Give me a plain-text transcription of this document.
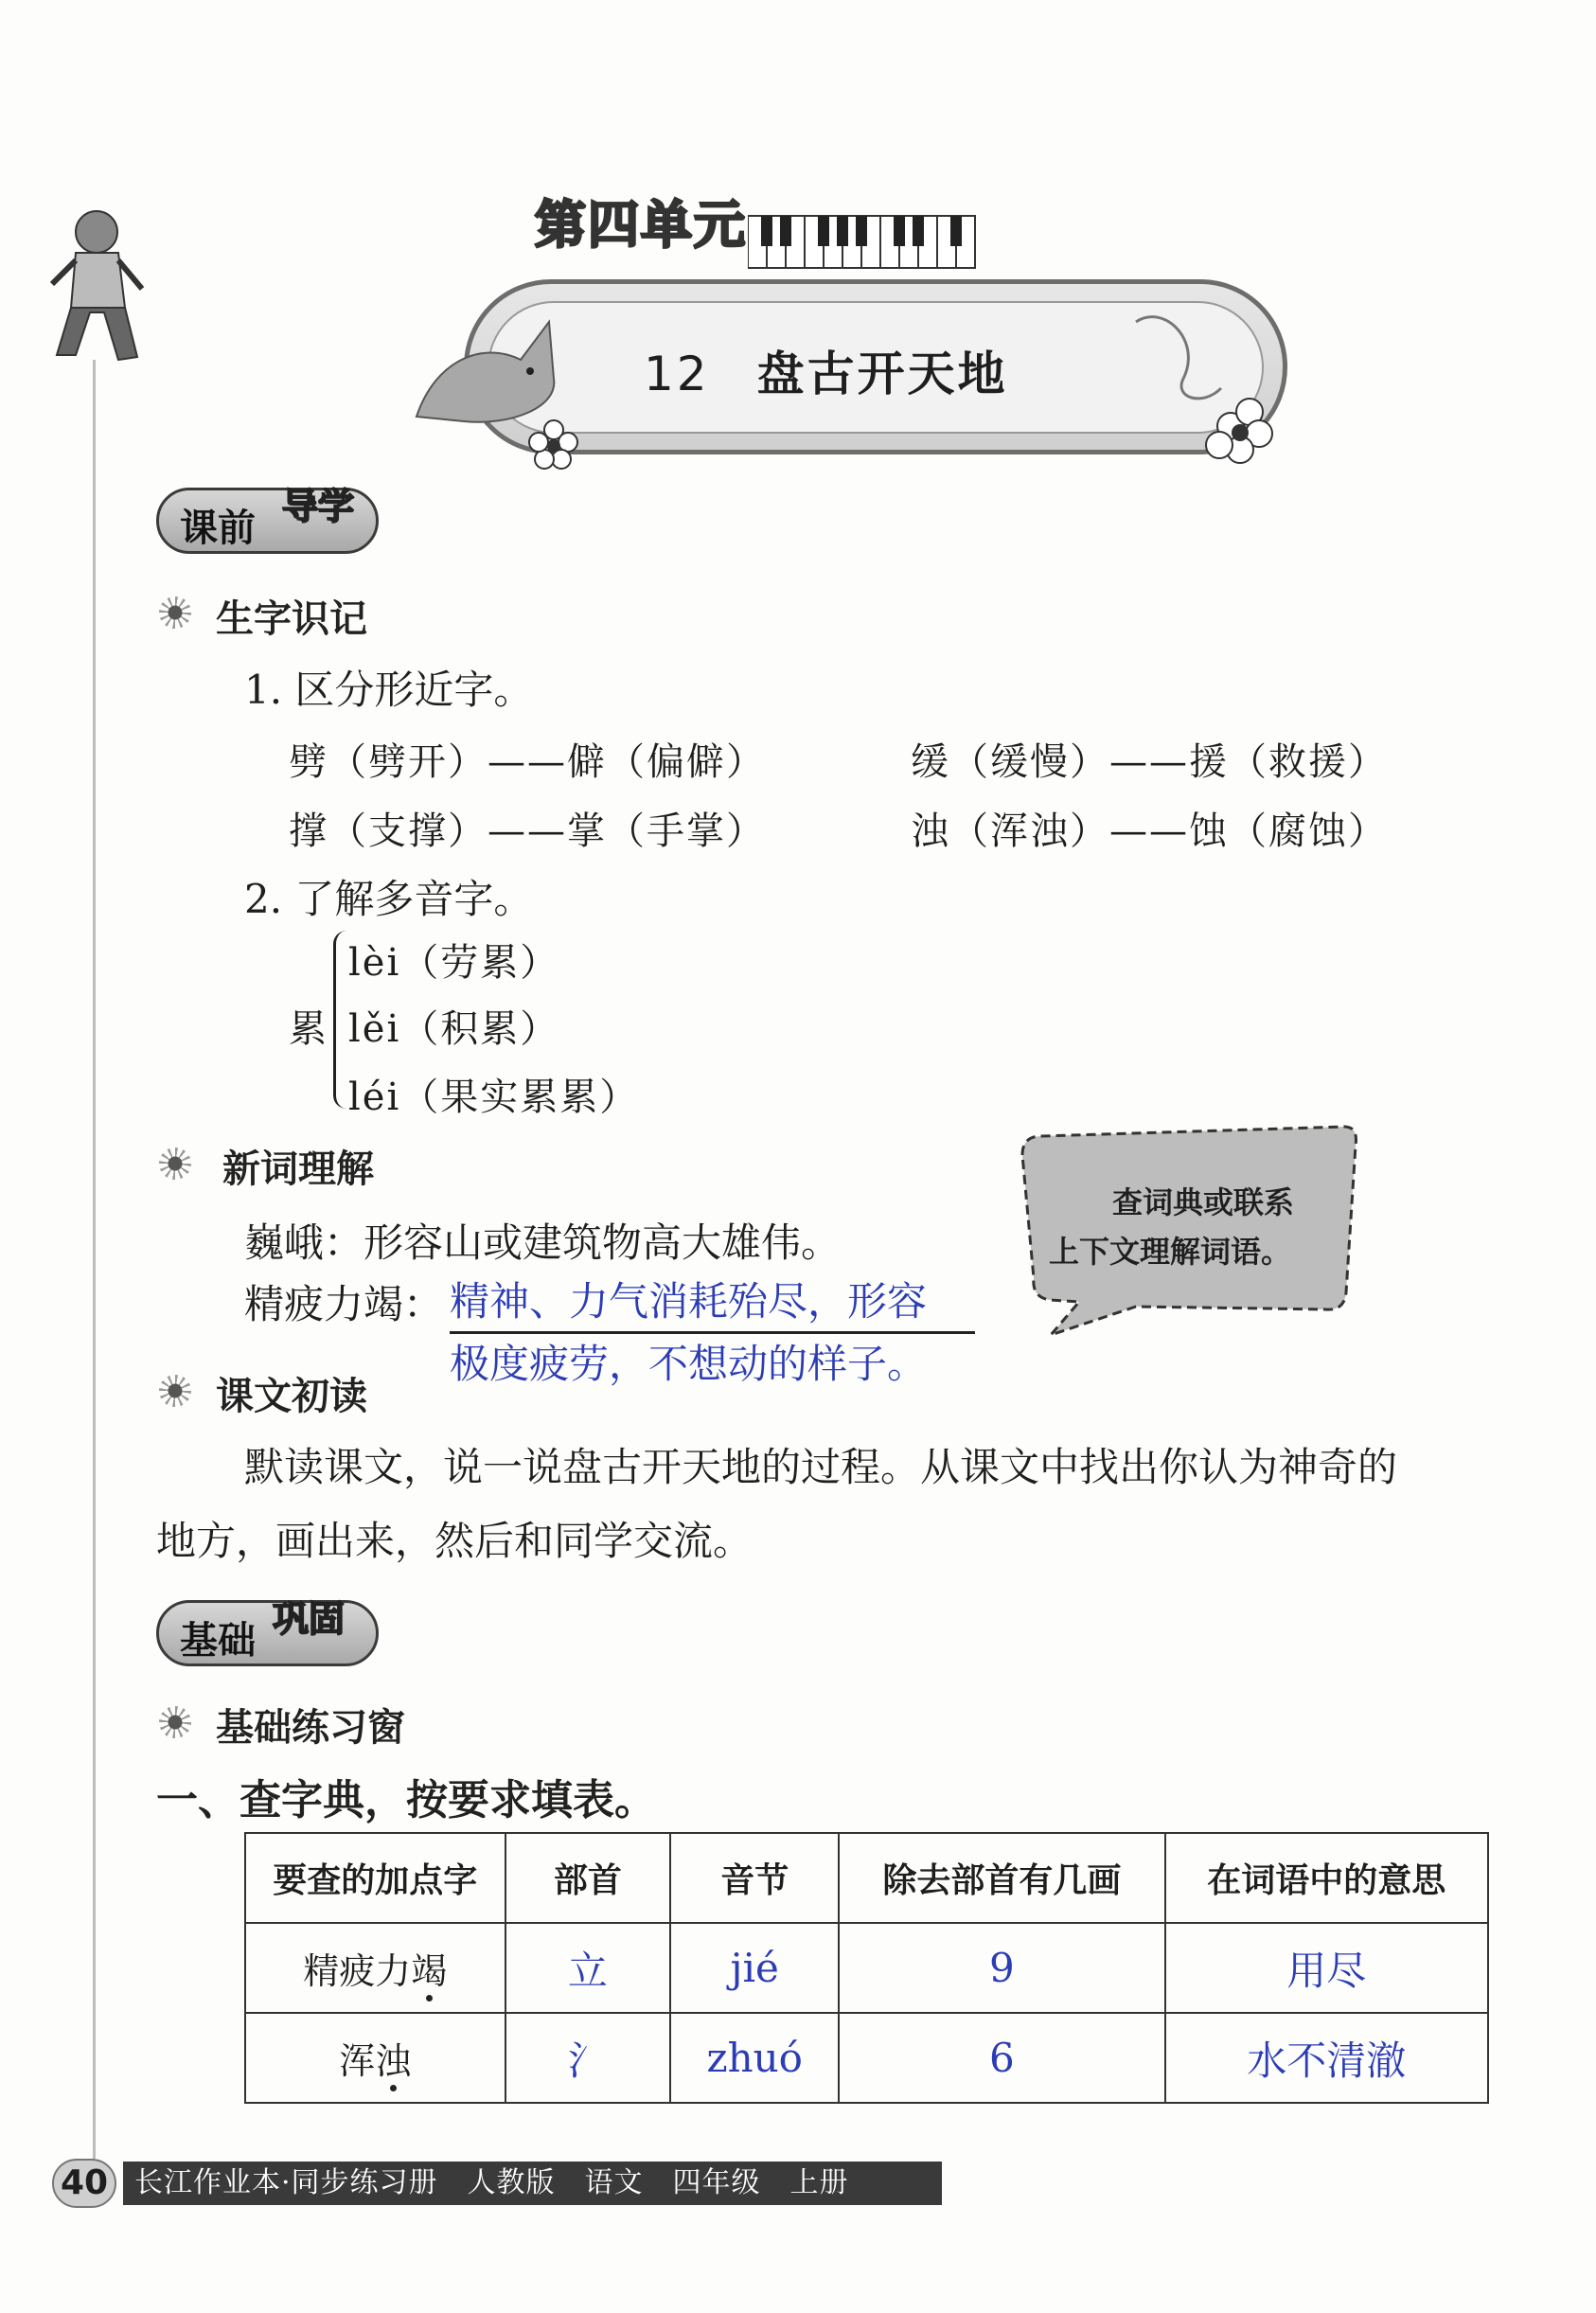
第四单元
12 盘古开天地
课前 导学
生字识记
1. 区分形近字。
劈（劈开）——僻（偏僻）	缓（缓慢）——援（救援）
撑（支撑）——掌（手掌）	浊（浑浊）——蚀（腐蚀）
2. 了解多音字。
累
lèi（劳累）
lěi（积累）
léi（果实累累）
新词理解
巍峨：形容山或建筑物高大雄伟。
精疲力竭： 精神、力气消耗殆尽，形容
极度疲劳，不想动的样子。
查词典或联系
上下文理解词语。
课文初读
默读课文，说一说盘古开天地的过程。从课文中找出你认为神奇的
地方，画出来，然后和同学交流。
基础 巩固
基础练习窗
一、查字典，按要求填表。
要查的加点字	部首	音节	除去部首有几画	在词语中的意思
精疲力竭	立	jié	9	用尽
浑浊	氵	zhuó	6	水不清澈
40 长江作业本·同步练习册　人教版　语文　四年级　上册
